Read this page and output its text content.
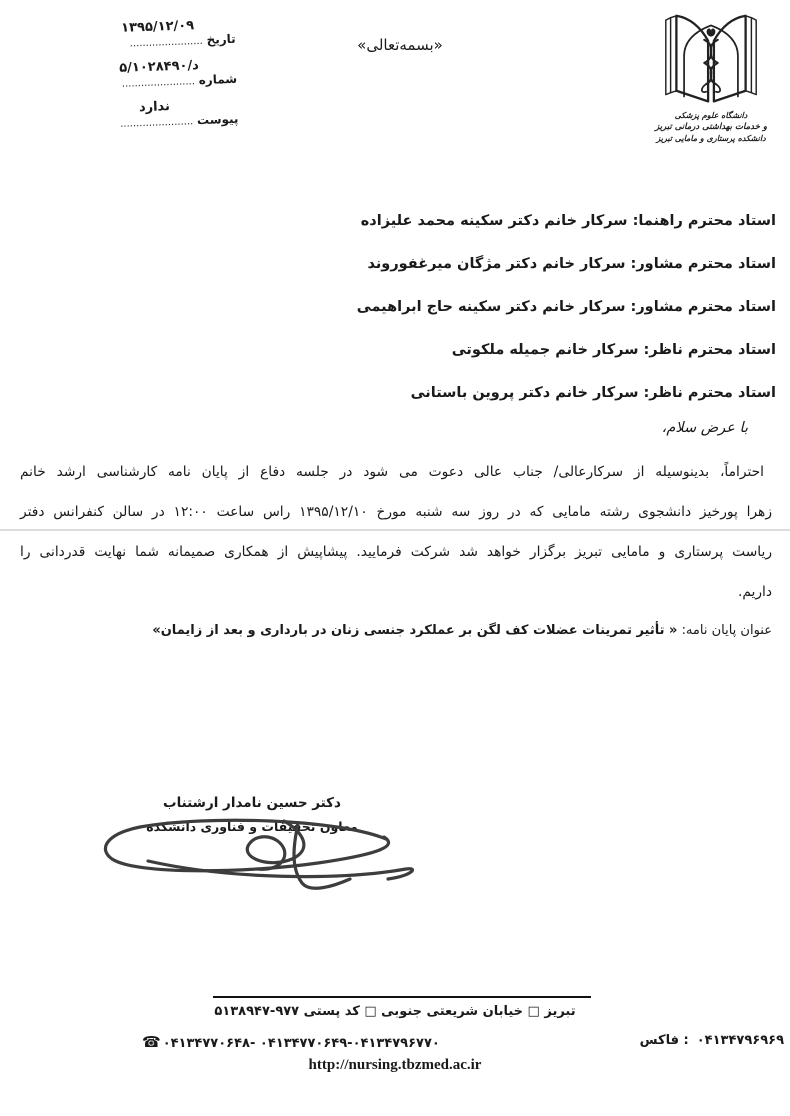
۱۳۹۵/۱۲/۰۹
تاریخ .......................
۵/د/۱۰۲۸۴۹۰
شماره .......................
ندارد
پیوست .......................
«بسمه‌تعالی»
دانشگاه علوم پزشکی
و خدمات بهداشتی درمانی تبریز
دانشکده پرستاری و مامایی تبریز
استاد محترم راهنما: سرکار خانم دکتر سکینه محمد علیزاده
استاد محترم مشاور: سرکار خانم دکتر مژگان میرغفوروند
استاد محترم مشاور: سرکار خانم دکتر سکینه حاج ابراهیمی
استاد محترم ناظر: سرکار خانم جمیله ملکوتی
استاد محترم ناظر: سرکار خانم دکتر پروین باستانی
با عرض سلام،
احتراماً، بدینوسیله از سرکارعالی/ جناب عالی دعوت می شود در جلسه دفاع از پایان نامه کارشناسی ارشد خانم
زهرا پورخیز دانشجوی رشته مامایی که در روز سه شنبه مورخ ۱۳۹۵/۱۲/۱۰ راس ساعت ۱۲:۰۰ در سالن کنفرانس دفتر
ریاست پرستاری و مامایی تبریز برگزار خواهد شد شرکت فرمایید. پیشاپیش از همکاری صمیمانه شما نهایت قدردانی را
داریم.
عنوان پایان نامه: « تأثیر تمرینات عضلات کف لگن بر عملکرد جنسی زنان در بارداری و بعد از زایمان»
دکتر حسین نامدار ارشتناب
معاون تحقیقات و فناوری دانشکده
تبریز □ خیابان شریعتی جنوبی □ کد پستی ۵۱۳۸۹۴۷-۹۷۷
☎ ۰۴۱۳۴۷۷۰۶۴۸- ۰۴۱۳۴۷۷۰۶۴۹-۰۴۱۳۴۷۹۶۷۷۰	فاکس : ۰۴۱۳۴۷۹۶۹۶۹
http://nursing.tbzmed.ac.ir
